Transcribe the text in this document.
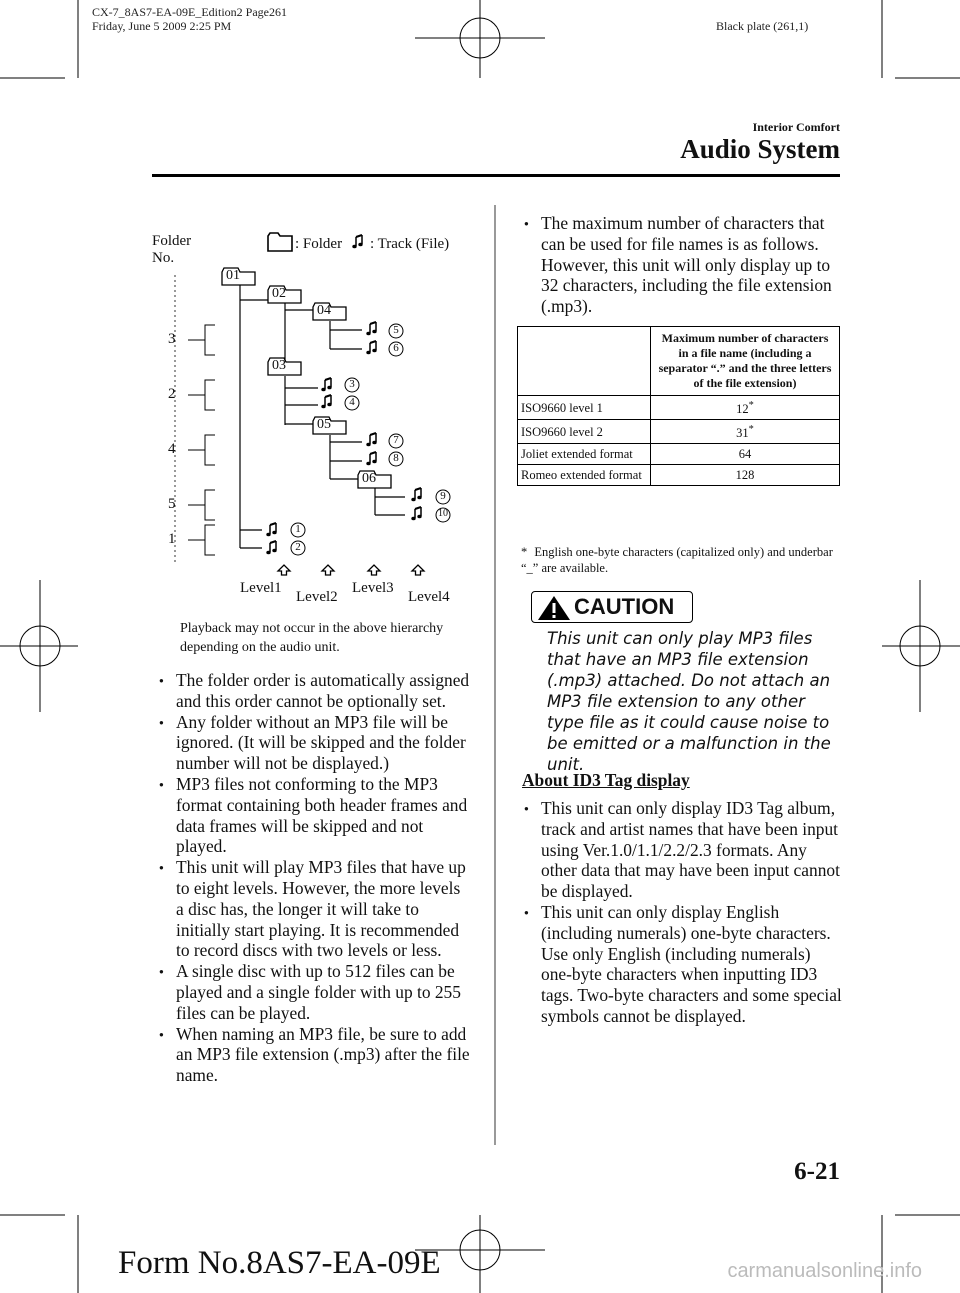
CX-7_8AS7-EA-09E_Edition2 Page261
Friday, June 5 2009 2:25 PM	Black plate (261,1)
Interior Comfort
Audio System
Folder
No.
: Folder : Track (File)
3
2
4
5
1
01
02
04
03
05
06
5
6
3
4
7
8
9
10
1
2
Level1
Level2
Level3
Level4
Playback may not occur in the above hierarchy depending on the audio unit.
● The folder order is automatically assigned and this order cannot be optionally set.
● Any folder without an MP3 file will be ignored. (It will be skipped and the folder number will not be displayed.)
● MP3 files not conforming to the MP3 format containing both header frames and data frames will be skipped and not played.
● This unit will play MP3 files that have up to eight levels. However, the more levels a disc has, the longer it will take to initially start playing. It is recommended to record discs with two levels or less.
● A single disc with up to 512 files can be played and a single folder with up to 255 files can be played.
● When naming an MP3 file, be sure to add an MP3 file extension (.mp3) after the file name.
● The maximum number of characters that can be used for file names is as follows. However, this unit will only display up to 32 characters, including the file extension (.mp3).
	Maximum number of characters in a file name (including a separator “.” and the three letters of the file extension)
ISO9660 level 1	12*
ISO9660 level 2	31*
Joliet extended format	64
Romeo extended format	128
* English one-byte characters (capitalized only) and underbar “_” are available.
CAUTION
This unit can only play MP3 files that have an MP3 file extension (.mp3) attached. Do not attach an MP3 file extension to any other type file as it could cause noise to be emitted or a malfunction in the unit.
About ID3 Tag display
● This unit can only display ID3 Tag album, track and artist names that have been input using Ver.1.0/1.1/2.2/2.3 formats. Any other data that may have been input cannot be displayed.
● This unit can only display English (including numerals) one-byte characters. Use only English (including numerals) one-byte characters when inputting ID3 tags. Two-byte characters and some special symbols cannot be displayed.
6-21
Form No.8AS7-EA-09E	carmanualsonline.info
